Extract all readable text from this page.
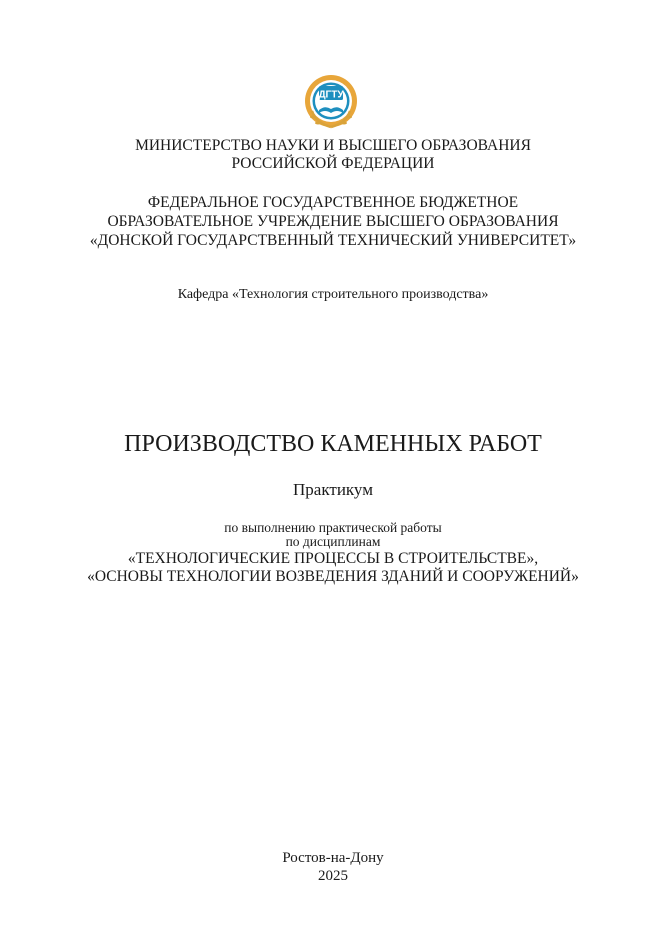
ДГТУ
МИНИСТЕРСТВО НАУКИ И ВЫСШЕГО ОБРАЗОВАНИЯ
РОССИЙСКОЙ ФЕДЕРАЦИИ
ФЕДЕРАЛЬНОЕ ГОСУДАРСТВЕННОЕ БЮДЖЕТНОЕ
ОБРАЗОВАТЕЛЬНОЕ УЧРЕЖДЕНИЕ ВЫСШЕГО ОБРАЗОВАНИЯ
«ДОНСКОЙ ГОСУДАРСТВЕННЫЙ ТЕХНИЧЕСКИЙ УНИВЕРСИТЕТ»
Кафедра «Технология строительного производства»
ПРОИЗВОДСТВО КАМЕННЫХ РАБОТ
Практикум
по выполнению практической работы
по дисциплинам
«ТЕХНОЛОГИЧЕСКИЕ ПРОЦЕССЫ В СТРОИТЕЛЬСТВЕ»,
«ОСНОВЫ ТЕХНОЛОГИИ ВОЗВЕДЕНИЯ ЗДАНИЙ И СООРУЖЕНИЙ»
Ростов-на-Дону
2025
